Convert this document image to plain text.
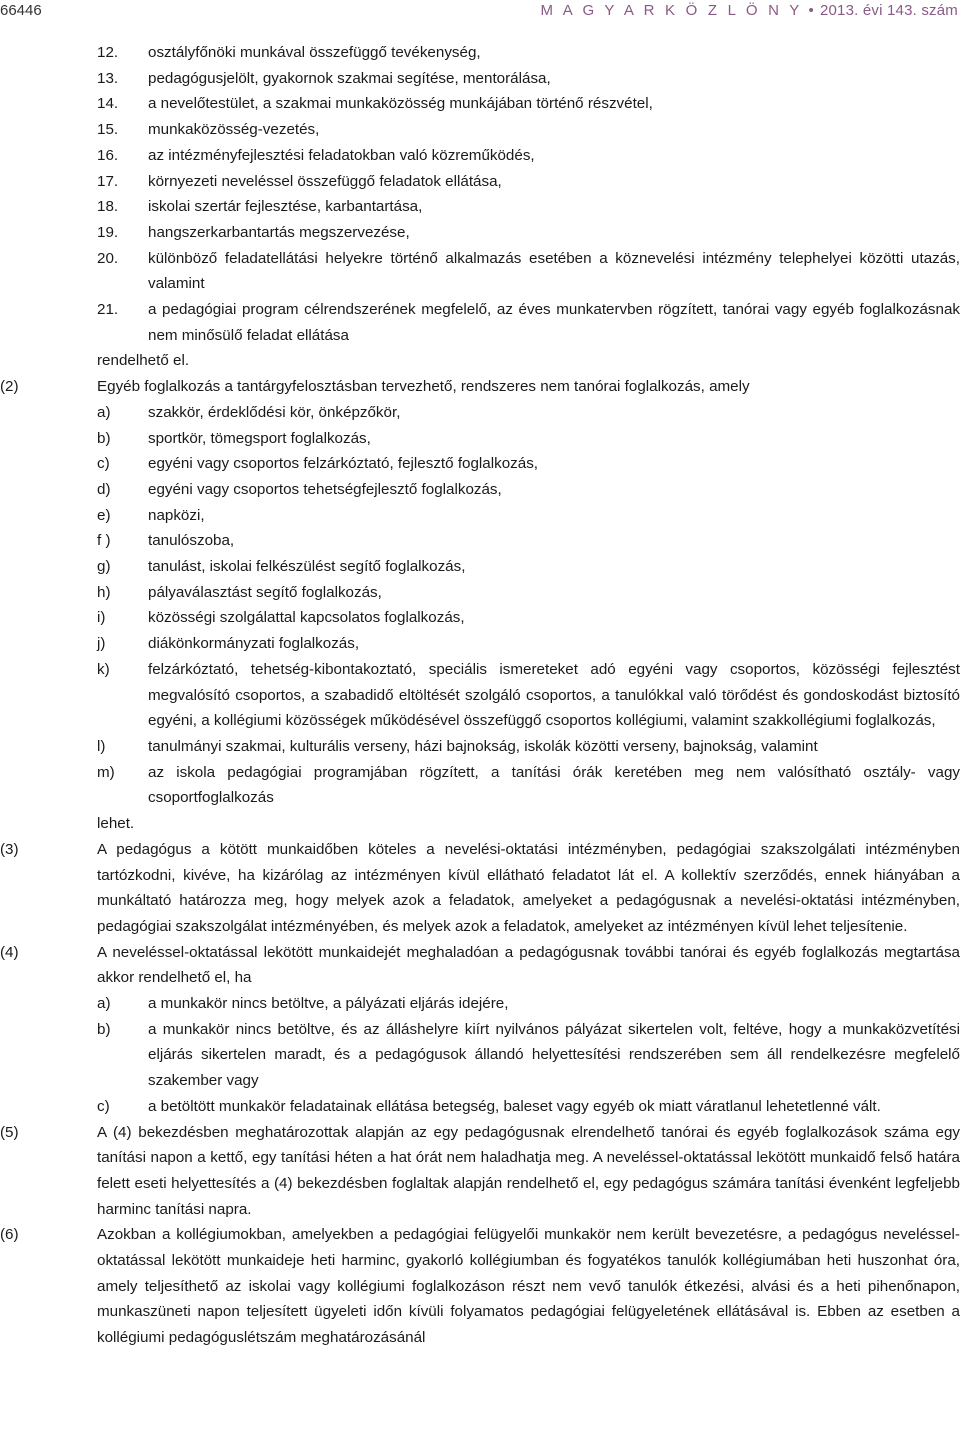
66446	M A G Y A R K Ö Z L Ö N Y • 2013. évi 143. szám
12.	osztályfőnöki munkával összefüggő tevékenység,
13.	pedagógusjelölt, gyakornok szakmai segítése, mentorálása,
14.	a nevelőtestület, a szakmai munkaközösség munkájában történő részvétel,
15.	munkaközösség-vezetés,
16.	az intézményfejlesztési feladatokban való közreműködés,
17.	környezeti neveléssel összefüggő feladatok ellátása,
18.	iskolai szertár fejlesztése, karbantartása,
19.	hangszerkarbantartás megszervezése,
20.	különböző feladatellátási helyekre történő alkalmazás esetében a köznevelési intézmény telephelyei közötti utazás, valamint
21.	a pedagógiai program célrendszerének megfelelő, az éves munkatervben rögzített, tanórai vagy egyéb foglalkozásnak nem minősülő feladat ellátása
rendelhető el.
(2)	Egyéb foglalkozás a tantárgyfelosztásban tervezhető, rendszeres nem tanórai foglalkozás, amely
a)	szakkör, érdeklődési kör, önképzőkör,
b)	sportkör, tömegsport foglalkozás,
c)	egyéni vagy csoportos felzárkóztató, fejlesztő foglalkozás,
d)	egyéni vagy csoportos tehetségfejlesztő foglalkozás,
e)	napközi,
f )	tanulószoba,
g)	tanulást, iskolai felkészülést segítő foglalkozás,
h)	pályaválasztást segítő foglalkozás,
i)	közösségi szolgálattal kapcsolatos foglalkozás,
j)	diákönkormányzati foglalkozás,
k)	felzárkóztató, tehetség-kibontakoztató, speciális ismereteket adó egyéni vagy csoportos, közösségi fejlesztést megvalósító csoportos, a szabadidő eltöltését szolgáló csoportos, a tanulókkal való törődést és gondoskodást biztosító egyéni, a kollégiumi közösségek működésével összefüggő csoportos kollégiumi, valamint szakkollégiumi foglalkozás,
l)	tanulmányi szakmai, kulturális verseny, házi bajnokság, iskolák közötti verseny, bajnokság, valamint
m)	az iskola pedagógiai programjában rögzített, a tanítási órák keretében meg nem valósítható osztály- vagy csoportfoglalkozás
lehet.
(3)	A pedagógus a kötött munkaidőben köteles a nevelési-oktatási intézményben, pedagógiai szakszolgálati intézményben tartózkodni, kivéve, ha kizárólag az intézményen kívül ellátható feladatot lát el. A kollektív szerződés, ennek hiányában a munkáltató határozza meg, hogy melyek azok a feladatok, amelyeket a pedagógusnak a nevelési-oktatási intézményben, pedagógiai szakszolgálat intézményében, és melyek azok a feladatok, amelyeket az intézményen kívül lehet teljesítenie.
(4)	A neveléssel-oktatással lekötött munkaidejét meghaladóan a pedagógusnak további tanórai és egyéb foglalkozás megtartása akkor rendelhető el, ha
a)	a munkakör nincs betöltve, a pályázati eljárás idejére,
b)	a munkakör nincs betöltve, és az álláshelyre kiírt nyilvános pályázat sikertelen volt, feltéve, hogy a munkaközvetítési eljárás sikertelen maradt, és a pedagógusok állandó helyettesítési rendszerében sem áll rendelkezésre megfelelő szakember vagy
c)	a betöltött munkakör feladatainak ellátása betegség, baleset vagy egyéb ok miatt váratlanul lehetetlenné vált.
(5)	A (4) bekezdésben meghatározottak alapján az egy pedagógusnak elrendelhető tanórai és egyéb foglalkozások száma egy tanítási napon a kettő, egy tanítási héten a hat órát nem haladhatja meg. A neveléssel-oktatással lekötött munkaidő felső határa felett eseti helyettesítés a (4) bekezdésben foglaltak alapján rendelhető el, egy pedagógus számára tanítási évenként legfeljebb harminc tanítási napra.
(6)	Azokban a kollégiumokban, amelyekben a pedagógiai felügyelői munkakör nem került bevezetésre, a pedagógus neveléssel-oktatással lekötött munkaideje heti harminc, gyakorló kollégiumban és fogyatékos tanulók kollégiumában heti huszonhat óra, amely teljesíthető az iskolai vagy kollégiumi foglalkozáson részt nem vevő tanulók étkezési, alvási és a heti pihenőnapon, munkaszüneti napon teljesített ügyeleti időn kívüli folyamatos pedagógiai felügyeletének ellátásával is. Ebben az esetben a kollégiumi pedagóguslétszám meghatározásánál
